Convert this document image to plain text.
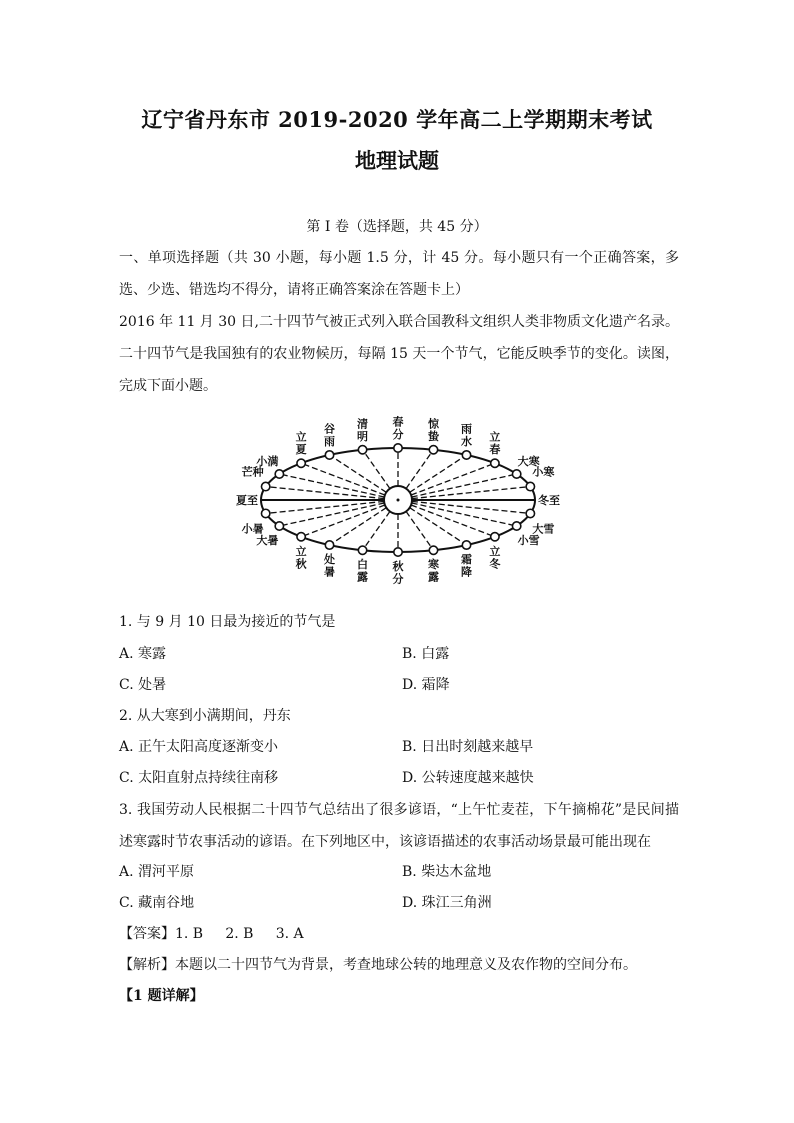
辽宁省丹东市 2019-2020 学年高二上学期期末考试
地理试题
第 I 卷（选择题，共 45 分）
一、单项选择题（共 30 小题，每小题 1.5 分，计 45 分。每小题只有一个正确答案，多选、少选、错选均不得分，请将正确答案涂在答题卡上）
2016 年 11 月 30 日,二十四节气被正式列入联合国教科文组织人类非物质文化遗产名录。二十四节气是我国独有的农业物候历，每隔 15 天一个节气，它能反映季节的变化。读图，完成下面小题。
夏至	冬至
芒种
小满
立夏
谷雨
清明
春分
惊蛰
雨水 立春
大寒
小寒
小暑
大暑
立秋 处暑
白露
秋分
寒露
霜降
立冬
小雪
大雪
1. 与 9 月 10 日最为接近的节气是
A. 寒露	B. 白露
C. 处暑	D. 霜降
2. 从大寒到小满期间，丹东
A. 正午太阳高度逐渐变小	B. 日出时刻越来越早
C. 太阳直射点持续往南移	D. 公转速度越来越快
3. 我国劳动人民根据二十四节气总结出了很多谚语，“上午忙麦茬，下午摘棉花”是民间描述寒露时节农事活动的谚语。在下列地区中，该谚语描述的农事活动场景最可能出现在
A. 渭河平原	B. 柴达木盆地
C. 藏南谷地	D. 珠江三角洲
【答案】1. B     2. B     3. A
【解析】本题以二十四节气为背景，考查地球公转的地理意义及农作物的空间分布。
【1 题详解】
